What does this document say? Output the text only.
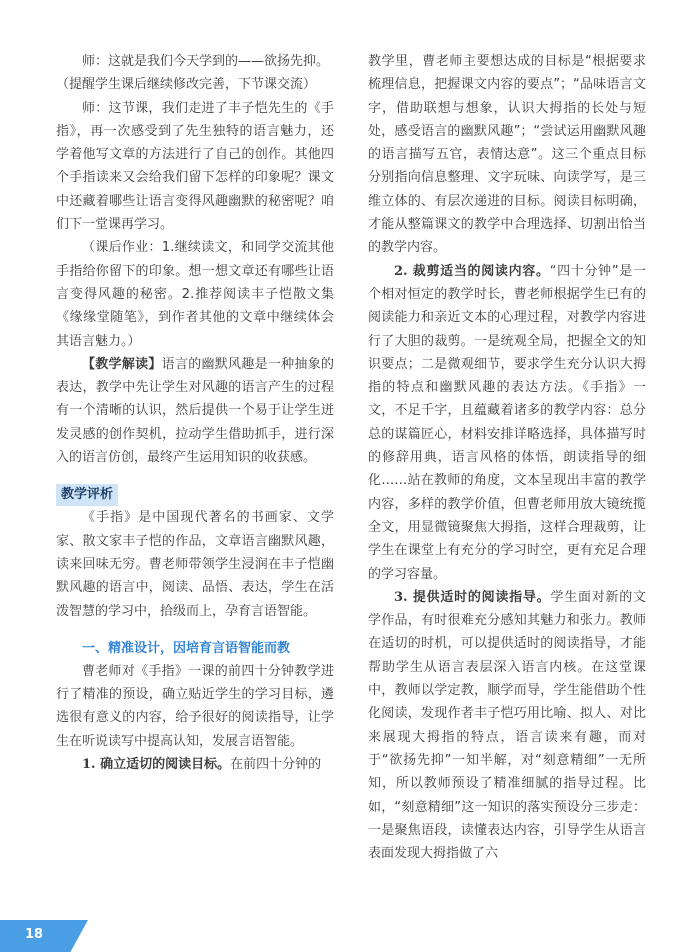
师：这就是我们今天学到的——欲扬先抑。

（提醒学生课后继续修改完善，下节课交流）

师：这节课，我们走进了丰子恺先生的《手指》，再一次感受到了先生独特的语言魅力，还学着他写文章的方法进行了自己的创作。其他四个手指读来又会给我们留下怎样的印象呢？课文中还藏着哪些让语言变得风趣幽默的秘密呢？咱们下一堂课再学习。

（课后作业：1.继续读文，和同学交流其他手指给你留下的印象。想一想文章还有哪些让语言变得风趣的秘密。2.推荐阅读丰子恺散文集《缘缘堂随笔》，到作者其他的文章中继续体会其语言魅力。）

【教学解读】语言的幽默风趣是一种抽象的表达，教学中先让学生对风趣的语言产生的过程有一个清晰的认识，然后提供一个易于让学生迸发灵感的创作契机，拉动学生借助抓手，进行深入的语言仿创，最终产生运用知识的收获感。

教学评析

《手指》是中国现代著名的书画家、文学家、散文家丰子恺的作品，文章语言幽默风趣，读来回味无穷。曹老师带领学生浸润在丰子恺幽默风趣的语言中，阅读、品悟、表达，学生在活泼智慧的学习中，拾级而上，孕育言语智能。

一、精准设计，因培育言语智能而教

曹老师对《手指》一课的前四十分钟教学进行了精准的预设，确立贴近学生的学习目标，遴选很有意义的内容，给予很好的阅读指导，让学生在听说读写中提高认知，发展言语智能。

1. 确立适切的阅读目标。在前四十分钟的

教学里，曹老师主要想达成的目标是“根据要求梳理信息，把握课文内容的要点”；“品味语言文字，借助联想与想象，认识大拇指的长处与短处，感受语言的幽默风趣”；“尝试运用幽默风趣的语言描写五官，表情达意”。这三个重点目标分别指向信息整理、文字玩味、向读学写，是三维立体的、有层次递进的目标。阅读目标明确，才能从整篇课文的教学中合理选择、切割出恰当的教学内容。

2. 裁剪适当的阅读内容。“四十分钟”是一个相对恒定的教学时长，曹老师根据学生已有的阅读能力和亲近文本的心理过程，对教学内容进行了大胆的裁剪。一是统观全局，把握全文的知识要点；二是微观细节，要求学生充分认识大拇指的特点和幽默风趣的表达方法。《手指》一文，不足千字，且蕴藏着诸多的教学内容：总分总的谋篇匠心，材料安排详略选择，具体描写时的修辞用典，语言风格的体悟，朗读指导的细化……站在教师的角度，文本呈现出丰富的教学内容，多样的教学价值，但曹老师用放大镜统揽全文，用显微镜聚焦大拇指，这样合理裁剪，让学生在课堂上有充分的学习时空，更有充足合理的学习容量。

3. 提供适时的阅读指导。学生面对新的文学作品，有时很难充分感知其魅力和张力。教师在适切的时机，可以提供适时的阅读指导，才能帮助学生从语言表层深入语言内核。在这堂课中，教师以学定教，顺学而导，学生能借助个性化阅读，发现作者丰子恺巧用比喻、拟人、对比来展现大拇指的特点，语言读来有趣，而对于“欲扬先抑”一知半解，对“刻意精细”一无所知，所以教师预设了精准细腻的指导过程。比如，“刻意精细”这一知识的落实预设分三步走：一是聚焦语段，读懂表达内容，引导学生从语言表面发现大拇指做了六

18
